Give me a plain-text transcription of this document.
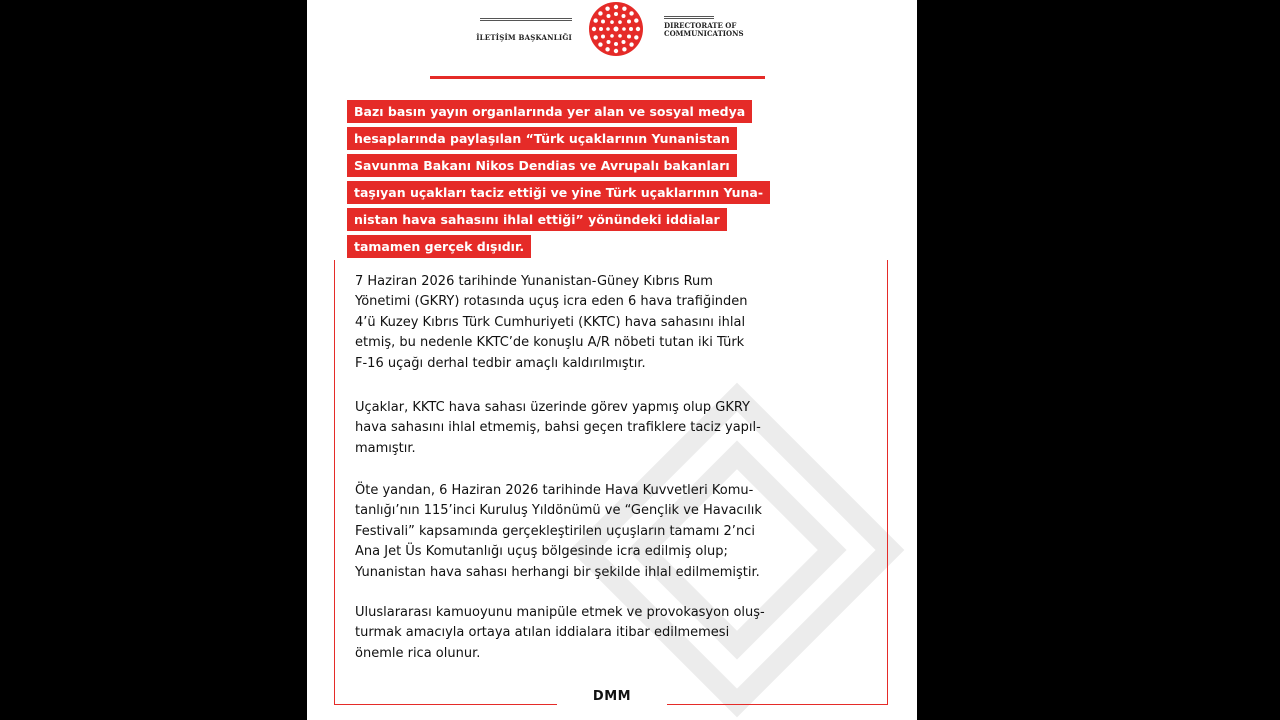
İLETİŞİM BAŞKANLIĞI
DIRECTORATE OF
COMMUNICATIONS
Bazı basın yayın organlarında yer alan ve sosyal medya
hesaplarında paylaşılan “Türk uçaklarının Yunanistan
Savunma Bakanı Nikos Dendias ve Avrupalı bakanları
taşıyan uçakları taciz ettiği ve yine Türk uçaklarının Yuna-
nistan hava sahasını ihlal ettiği” yönündeki iddialar
tamamen gerçek dışıdır.
7 Haziran 2026 tarihinde Yunanistan-Güney Kıbrıs Rum
Yönetimi (GKRY) rotasında uçuş icra eden 6 hava trafiğinden
4’ü Kuzey Kıbrıs Türk Cumhuriyeti (KKTC) hava sahasını ihlal
etmiş, bu nedenle KKTC’de konuşlu A/R nöbeti tutan iki Türk
F-16 uçağı derhal tedbir amaçlı kaldırılmıştır.
Uçaklar, KKTC hava sahası üzerinde görev yapmış olup GKRY
hava sahasını ihlal etmemiş, bahsi geçen trafiklere taciz yapıl-
mamıştır.
Öte yandan, 6 Haziran 2026 tarihinde Hava Kuvvetleri Komu-
tanlığı’nın 115’inci Kuruluş Yıldönümü ve “Gençlik ve Havacılık
Festivali” kapsamında gerçekleştirilen uçuşların tamamı 2’nci
Ana Jet Üs Komutanlığı uçuş bölgesinde icra edilmiş olup;
Yunanistan hava sahası herhangi bir şekilde ihlal edilmemiştir.
Uluslararası kamuoyunu manipüle etmek ve provokasyon oluş-
turmak amacıyla ortaya atılan iddialara itibar edilmemesi
önemle rica olunur.
DMM
